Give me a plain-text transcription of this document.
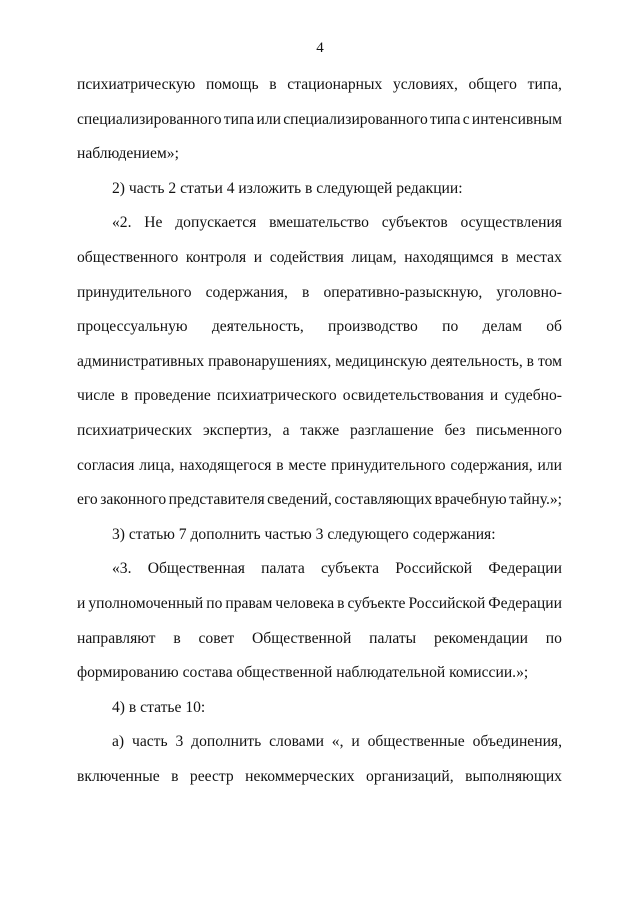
4
психиатрическую помощь в стационарных условиях, общего типа,
специализированного типа или специализированного типа с интенсивным
наблюдением»;
2) часть 2 статьи 4 изложить в следующей редакции:
«2. Не допускается вмешательство субъектов осуществления
общественного контроля и содействия лицам, находящимся в местах
принудительного содержания, в оперативно-разыскную, уголовно-
процессуальную деятельность, производство по делам об
административных правонарушениях, медицинскую деятельность, в том
числе в проведение психиатрического освидетельствования и судебно-
психиатрических экспертиз, а также разглашение без письменного
согласия лица, находящегося в месте принудительного содержания, или
его законного представителя сведений, составляющих врачебную тайну.»;
3) статью 7 дополнить частью 3 следующего содержания:
«3. Общественная палата субъекта Российской Федерации
и уполномоченный по правам человека в субъекте Российской Федерации
направляют в совет Общественной палаты рекомендации по
формированию состава общественной наблюдательной комиссии.»;
4) в статье 10:
а) часть 3 дополнить словами «, и общественные объединения,
включенные в реестр некоммерческих организаций, выполняющих
